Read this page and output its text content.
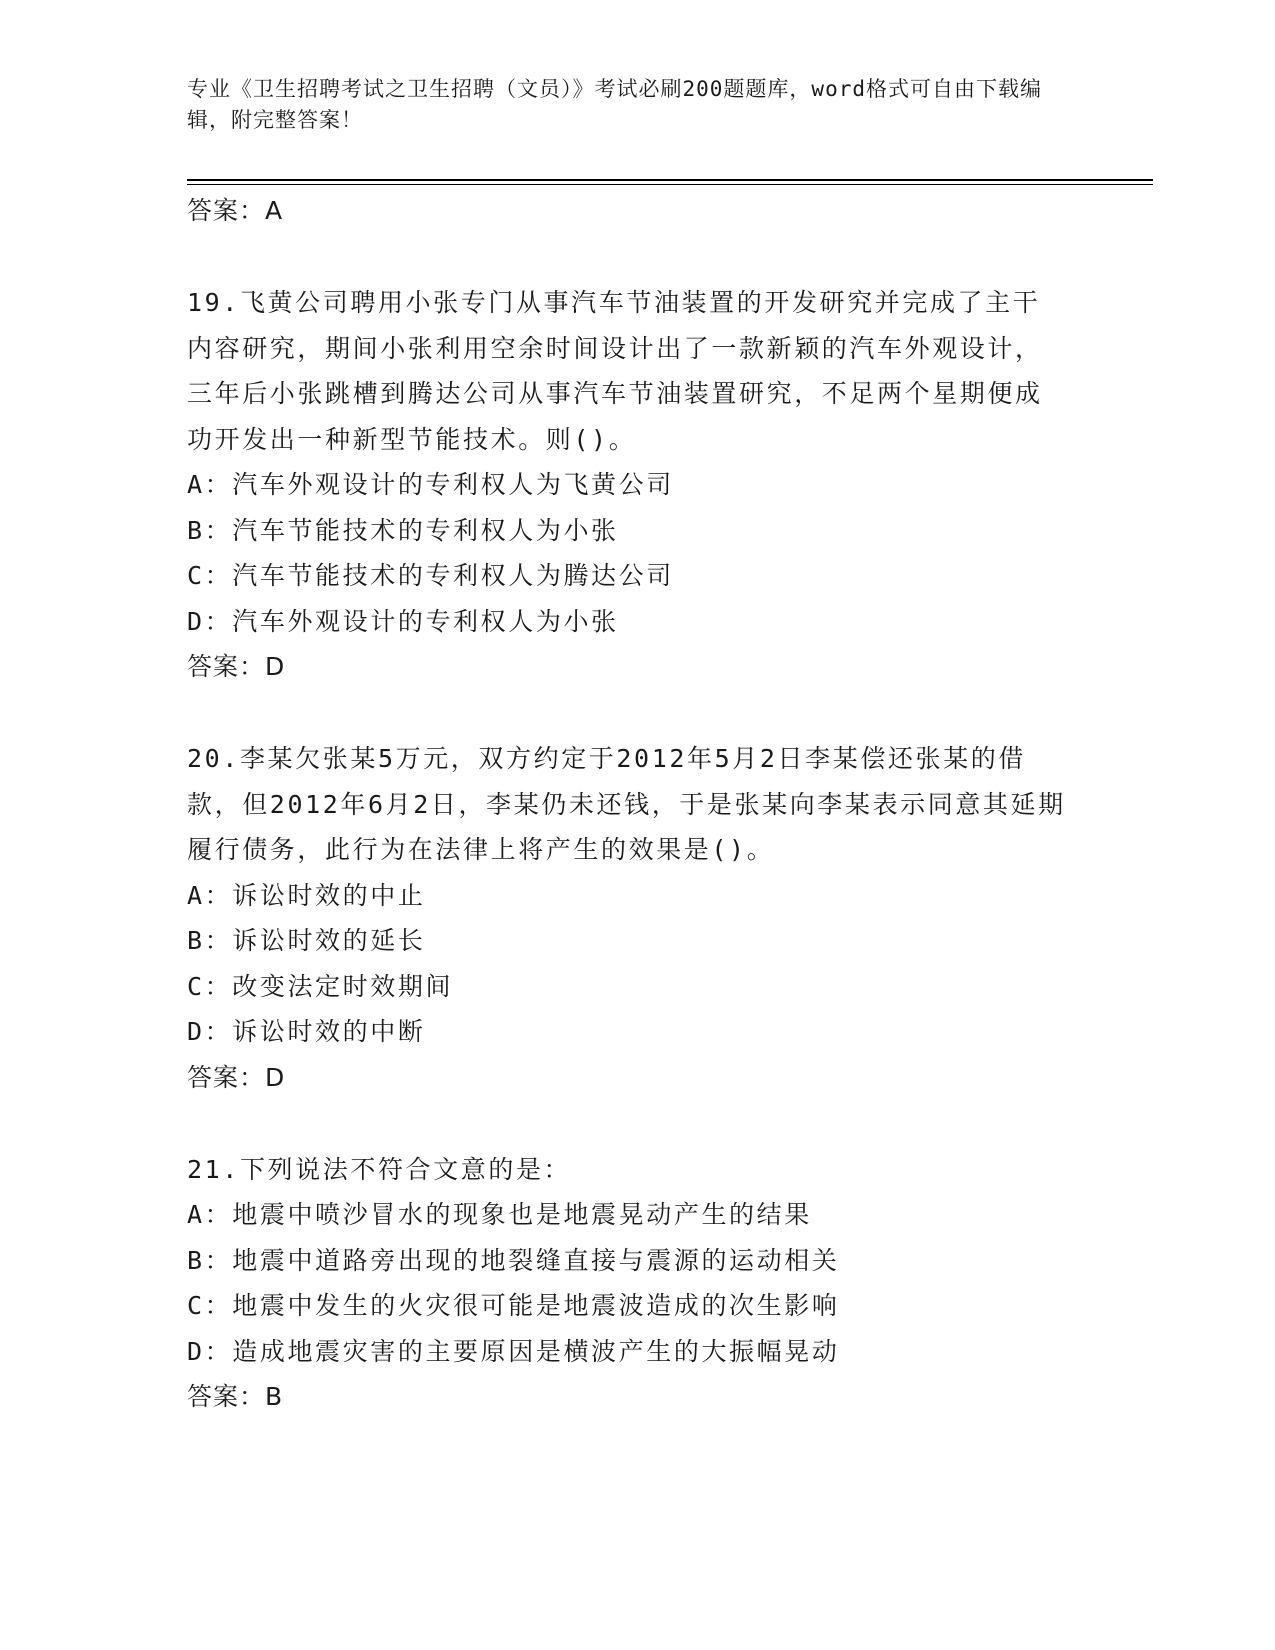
专业《卫生招聘考试之卫生招聘（文员）》考试必刷200题题库，word格式可自由下载编辑，附完整答案！
答案：A
19.飞黄公司聘用小张专门从事汽车节油装置的开发研究并完成了主干内容研究，期间小张利用空余时间设计出了一款新颖的汽车外观设计，三年后小张跳槽到腾达公司从事汽车节油装置研究，不足两个星期便成功开发出一种新型节能技术。则()。
A：汽车外观设计的专利权人为飞黄公司
B：汽车节能技术的专利权人为小张
C：汽车节能技术的专利权人为腾达公司
D：汽车外观设计的专利权人为小张
答案：D
20.李某欠张某5万元，双方约定于2012年5月2日李某偿还张某的借款，但2012年6月2日，李某仍未还钱，于是张某向李某表示同意其延期履行债务，此行为在法律上将产生的效果是()。
A：诉讼时效的中止
B：诉讼时效的延长
C：改变法定时效期间
D：诉讼时效的中断
答案：D
21.下列说法不符合文意的是：
A：地震中喷沙冒水的现象也是地震晃动产生的结果
B：地震中道路旁出现的地裂缝直接与震源的运动相关
C：地震中发生的火灾很可能是地震波造成的次生影响
D：造成地震灾害的主要原因是横波产生的大振幅晃动
答案：B
